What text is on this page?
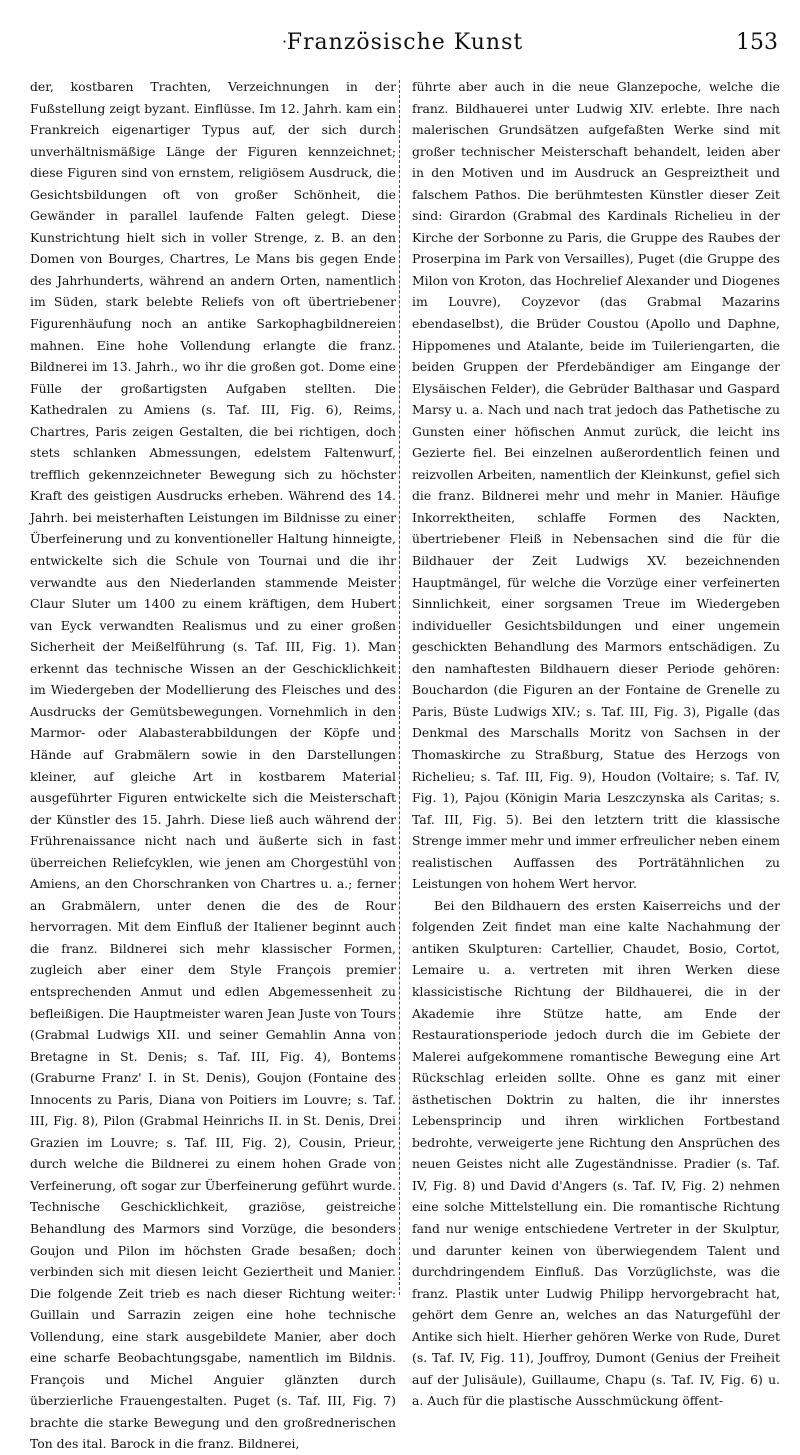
· Französische Kunst	153

der, kostbaren Trachten, Verzeichnungen in der Fußstellung zeigt byzant. Einflüsse. Im 12. Jahrh. kam ein Frankreich eigenartiger Typus auf, der sich durch unverhältnismäßige Länge der Figuren kennzeichnet; diese Figuren sind von ernstem, religiösem Ausdruck, die Gesichtsbildungen oft von großer Schönheit, die Gewänder in parallel laufende Falten gelegt. Diese Kunstrichtung hielt sich in voller Strenge, z. B. an den Domen von Bourges, Chartres, Le Mans bis gegen Ende des Jahrhunderts, während an andern Orten, namentlich im Süden, stark belebte Reliefs von oft übertriebener Figurenhäufung noch an antike Sarkophagbildnereien mahnen. Eine hohe Vollendung erlangte die franz. Bildnerei im 13. Jahrh., wo ihr die großen got. Dome eine Fülle der großartigsten Aufgaben stellten. Die Kathedralen zu Amiens (s. Taf. III, Fig. 6), Reims, Chartres, Paris zeigen Gestalten, die bei richtigen, doch stets schlanken Abmessungen, edelstem Faltenwurf, trefflich gekennzeichneter Bewegung sich zu höchster Kraft des geistigen Ausdrucks erheben. Während des 14. Jahrh. bei meisterhaften Leistungen im Bildnisse zu einer Überfeinerung und zu konventioneller Haltung hinneigte, entwickelte sich die Schule von Tournai und die ihr verwandte aus den Niederlanden stammende Meister Claur Sluter um 1400 zu einem kräftigen, dem Hubert van Eyck verwandten Realismus und zu einer großen Sicherheit der Meißelführung (s. Taf. III, Fig. 1). Man erkennt das technische Wissen an der Geschicklichkeit im Wiedergeben der Modellierung des Fleisches und des Ausdrucks der Gemütsbewegungen. Vornehmlich in den Marmor- oder Alabasterabbildungen der Köpfe und Hände auf Grabmälern sowie in den Darstellungen kleiner, auf gleiche Art in kostbarem Material ausgeführter Figuren entwickelte sich die Meisterschaft der Künstler des 15. Jahrh. Diese ließ auch während der Frührenaissance nicht nach und äußerte sich in fast überreichen Reliefcyklen, wie jenen am Chorgestühl von Amiens, an den Chorschranken von Chartres u. a.; ferner an Grabmälern, unter denen die des de Rour hervorragen. Mit dem Einfluß der Italiener beginnt auch die franz. Bildnerei sich mehr klassischer Formen, zugleich aber einer dem Style François premier entsprechenden Anmut und edlen Abgemessenheit zu befleißigen. Die Hauptmeister waren Jean Juste von Tours (Grabmal Ludwigs XII. und seiner Gemahlin Anna von Bretagne in St. Denis; s. Taf. III, Fig. 4), Bontems (Graburne Franz' I. in St. Denis), Goujon (Fontaine des Innocents zu Paris, Diana von Poitiers im Louvre; s. Taf. III, Fig. 8), Pilon (Grabmal Heinrichs II. in St. Denis, Drei Grazien im Louvre; s. Taf. III, Fig. 2), Cousin, Prieur, durch welche die Bildnerei zu einem hohen Grade von Verfeinerung, oft sogar zur Überfeinerung geführt wurde. Technische Geschicklichkeit, graziöse, geistreiche Behandlung des Marmors sind Vorzüge, die besonders Goujon und Pilon im höchsten Grade besaßen; doch verbinden sich mit diesen leicht Geziertheit und Manier. Die folgende Zeit trieb es nach dieser Richtung weiter: Guillain und Sarrazin zeigen eine hohe technische Vollendung, eine stark ausgebildete Manier, aber doch eine scharfe Beobachtungsgabe, namentlich im Bildnis. François und Michel Anguier glänzten durch überzierliche Frauengestalten. Puget (s. Taf. III, Fig. 7) brachte die starke Bewegung und den großrednerischen Ton des ital. Barock in die franz. Bildnerei,

führte aber auch in die neue Glanzepoche, welche die franz. Bildhauerei unter Ludwig XIV. erlebte. Ihre nach malerischen Grundsätzen aufgefaßten Werke sind mit großer technischer Meisterschaft behandelt, leiden aber in den Motiven und im Ausdruck an Gespreiztheit und falschem Pathos. Die berühmtesten Künstler dieser Zeit sind: Girardon (Grabmal des Kardinals Richelieu in der Kirche der Sorbonne zu Paris, die Gruppe des Raubes der Proserpina im Park von Versailles), Puget (die Gruppe des Milon von Kroton, das Hochrelief Alexander und Diogenes im Louvre), Coyzevor (das Grabmal Mazarins ebendaselbst), die Brüder Coustou (Apollo und Daphne, Hippomenes und Atalante, beide im Tuileriengarten, die beiden Gruppen der Pferdebändiger am Eingange der Elysäischen Felder), die Gebrüder Balthasar und Gaspard Marsy u. a. Nach und nach trat jedoch das Pathetische zu Gunsten einer höfischen Anmut zurück, die leicht ins Gezierte fiel. Bei einzelnen außerordentlich feinen und reizvollen Arbeiten, namentlich der Kleinkunst, gefiel sich die franz. Bildnerei mehr und mehr in Manier. Häufige Inkorrektheiten, schlaffe Formen des Nackten, übertriebener Fleiß in Nebensachen sind die für die Bildhauer der Zeit Ludwigs XV. bezeichnenden Hauptmängel, für welche die Vorzüge einer verfeinerten Sinnlichkeit, einer sorgsamen Treue im Wiedergeben individueller Gesichtsbildungen und einer ungemein geschickten Behandlung des Marmors entschädigen. Zu den namhaftesten Bildhauern dieser Periode gehören: Bouchardon (die Figuren an der Fontaine de Grenelle zu Paris, Büste Ludwigs XIV.; s. Taf. III, Fig. 3), Pigalle (das Denkmal des Marschalls Moritz von Sachsen in der Thomaskirche zu Straßburg, Statue des Herzogs von Richelieu; s. Taf. III, Fig. 9), Houdon (Voltaire; s. Taf. IV, Fig. 1), Pajou (Königin Maria Leszczynska als Caritas; s. Taf. III, Fig. 5). Bei den letztern tritt die klassische Strenge immer mehr und immer erfreulicher neben einem realistischen Auffassen des Porträtähnlichen zu Leistungen von hohem Wert hervor.

Bei den Bildhauern des ersten Kaiserreichs und der folgenden Zeit findet man eine kalte Nachahmung der antiken Skulpturen: Cartellier, Chaudet, Bosio, Cortot, Lemaire u. a. vertreten mit ihren Werken diese klassicistische Richtung der Bildhauerei, die in der Akademie ihre Stütze hatte, am Ende der Restaurationsperiode jedoch durch die im Gebiete der Malerei aufgekommene romantische Bewegung eine Art Rückschlag erleiden sollte. Ohne es ganz mit einer ästhetischen Doktrin zu halten, die ihr innerstes Lebensprincip und ihren wirklichen Fortbestand bedrohte, verweigerte jene Richtung den Ansprüchen des neuen Geistes nicht alle Zugeständnisse. Pradier (s. Taf. IV, Fig. 8) und David d'Angers (s. Taf. IV, Fig. 2) nehmen eine solche Mittelstellung ein. Die romantische Richtung fand nur wenige entschiedene Vertreter in der Skulptur, und darunter keinen von überwiegendem Talent und durchdringendem Einfluß. Das Vorzüglichste, was die franz. Plastik unter Ludwig Philipp hervorgebracht hat, gehört dem Genre an, welches an das Naturgefühl der Antike sich hielt. Hierher gehören Werke von Rude, Duret (s. Taf. IV, Fig. 11), Jouffroy, Dumont (Genius der Freiheit auf der Julisäule), Guillaume, Chapu (s. Taf. IV, Fig. 6) u. a. Auch für die plastische Ausschmückung öffent-
